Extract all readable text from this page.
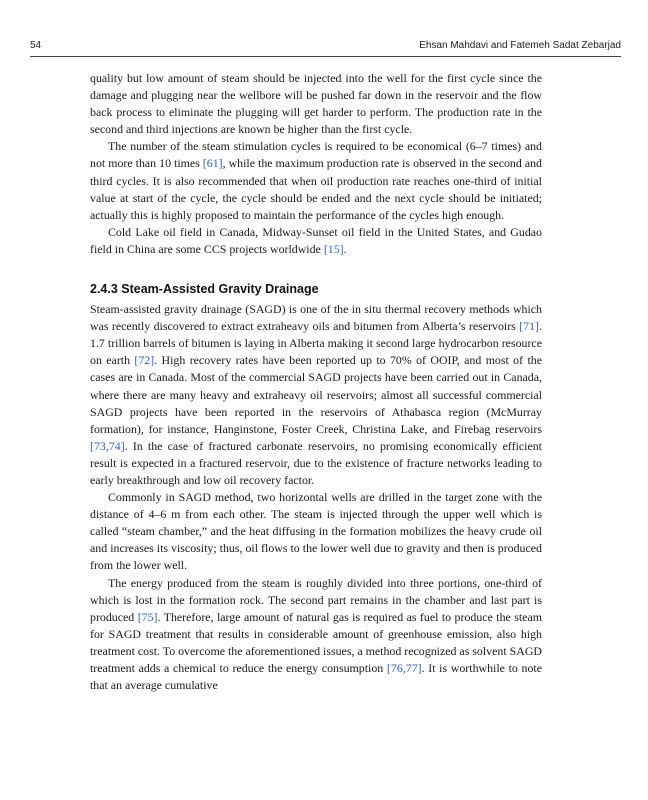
54	Ehsan Mahdavi and Fatemeh Sadat Zebarjad

quality but low amount of steam should be injected into the well for the first cycle since the damage and plugging near the wellbore will be pushed far down in the reservoir and the flow back process to eliminate the plugging will get harder to perform. The production rate in the second and third injections are known be higher than the first cycle.

The number of the steam stimulation cycles is required to be economical (6–7 times) and not more than 10 times [61], while the maximum production rate is observed in the second and third cycles. It is also recommended that when oil production rate reaches one-third of initial value at start of the cycle, the cycle should be ended and the next cycle should be initiated; actually this is highly proposed to maintain the performance of the cycles high enough.

Cold Lake oil field in Canada, Midway-Sunset oil field in the United States, and Gudao field in China are some CCS projects worldwide [15].

2.4.3 Steam-Assisted Gravity Drainage

Steam-assisted gravity drainage (SAGD) is one of the in situ thermal recovery methods which was recently discovered to extract extraheavy oils and bitumen from Alberta’s reservoirs [71]. 1.7 trillion barrels of bitumen is laying in Alberta making it second large hydrocarbon resource on earth [72]. High recovery rates have been reported up to 70% of OOIP, and most of the cases are in Canada. Most of the commercial SAGD projects have been carried out in Canada, where there are many heavy and extraheavy oil reservoirs; almost all successful commercial SAGD projects have been reported in the reservoirs of Athabasca region (McMurray formation), for instance, Hanginstone, Foster Creek, Christina Lake, and Firebag reservoirs [73,74]. In the case of fractured carbonate reservoirs, no promising economically efficient result is expected in a fractured reservoir, due to the existence of fracture networks leading to early breakthrough and low oil recovery factor.

Commonly in SAGD method, two horizontal wells are drilled in the target zone with the distance of 4–6 m from each other. The steam is injected through the upper well which is called “steam chamber,” and the heat diffusing in the formation mobilizes the heavy crude oil and increases its viscosity; thus, oil flows to the lower well due to gravity and then is produced from the lower well.

The energy produced from the steam is roughly divided into three portions, one-third of which is lost in the formation rock. The second part remains in the chamber and last part is produced [75]. Therefore, large amount of natural gas is required as fuel to produce the steam for SAGD treatment that results in considerable amount of greenhouse emission, also high treatment cost. To overcome the aforementioned issues, a method recognized as solvent SAGD treatment adds a chemical to reduce the energy consumption [76,77]. It is worthwhile to note that an average cumulative
